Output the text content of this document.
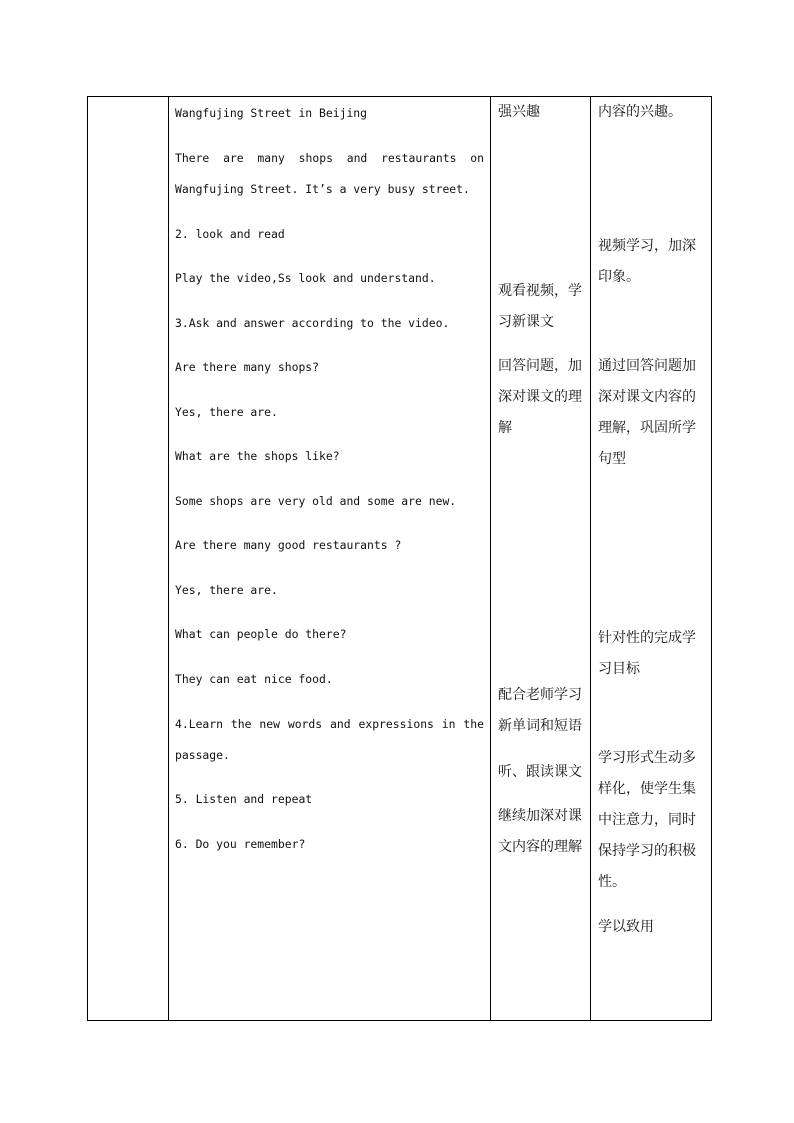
Wangfujing Street in Beijing
There are many shops and restaurants on
Wangfujing Street. It’s a very busy street.
2. look and read
Play the video,Ss look and understand.
3.Ask and answer according to the video.
Are there many shops?
Yes, there are.
What are the shops like?
Some shops are very old and some are new.
Are there many good restaurants ?
Yes, there are.
What can people do there?
They can eat nice food.
4.Learn the new words and expressions in the
passage.
5. Listen and repeat
6. Do you remember?

强兴趣
观看视频，学
习新课文
回答问题，加
深对课文的理
解
配合老师学习
新单词和短语
听、跟读课文
继续加深对课
文内容的理解

内容的兴趣。
视频学习，加深
印象。
通过回答问题加
深对课文内容的
理解，巩固所学
句型
针对性的完成学
习目标
学习形式生动多
样化，使学生集
中注意力，同时
保持学习的积极
性。
学以致用
